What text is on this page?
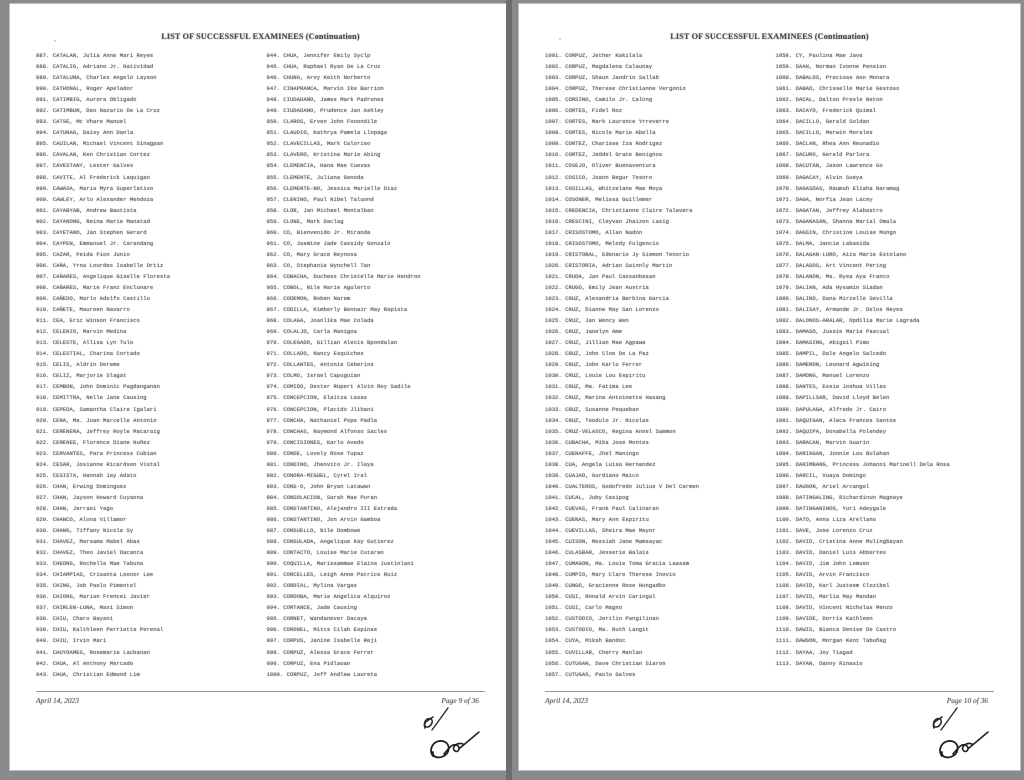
LIST OF SUCCESSFUL EXAMINEES (Continuation)
887. CATALAN, Julia Anne Mari Reyes
888. CATALIG, Adriano Jr. Natividad
889. CATALUNA, Charles Angelo Layson
890. CATHONAL, Roger Apelador
891. CATIMBIG, Aurora Obligado
892. CATIMBUN, Deo Nazario De La Cruz
893. CATSE, Mc Vhare Manuel
894. CATUNAG, Daisy Ann Danla
895. CAUILAN, Michael Vincent Sinagpan
896. CAVALAN, Ken Christian Cortez
897. CAVESTANY, Lester Galves
898. CAVITE, Al Frederick Laquigan
899. CAWASA, Maria Myra Superlativo
900. CAWLEY, Arlo Alexander Mendoza
901. CAYABYAB, Andrew Bautista
902. CAYANONG, Reina Marie Manatad
903. CAYETANO, Jan Stephen Gerard
904. CAYPEN, Emmanuel Jr. Carandang
905. CAZAR, Feida Fion Junio
906. CAÑA, Yrna Lourdes Isabelle Ortiz
907. CAÑARES, Angelique Giselle Floresta
908. CAÑARES, Marie Franz Enclunare
909. CAÑEDO, Marlo Adolfo Castillo
910. CAÑETE, Maureen Navarro
911. CEA, Eric Winson Francisco
912. CELENIO, Marvin Medina
913. CELESTE, Allisa Lyn Tulo
914. CELESTIAL, Charina Cortado
915. CELIS, Aldrin Dereme
916. CELIZ, Marjorie Slagat
917. CEMBON, John Dominic Pagdanganan
918. CEMITTRA, Nelle Jane Causing
919. CEPEDA, Samantha Claire Igalari
920. CERA, Ma. Juan Marcelle Antonio
921. CERENERA, Jeffrey Royle Macaraig
922. CERENEE, Florence Diane Nuñez
923. CERVANTES, Para Princess Cubian
924. CESAR, Josianne Ricardson Vistal
925. CESISTA, Hannah Jay Adato
926. CHAN, Erwing Dominguez
927. CHAN, Jayson Howard Cuyaona
928. CHAN, Jerraei Yago
929. CHANCO, Alona Villamor
930. CHANG, Tiffany Nicole Sy
931. CHAVEZ, Marsama Mabel Abas
932. CHAVEZ, Theo Javiel Dacanta
933. CHEONG, Rochelle Mae Tabuna
934. CHIAMPIAS, Crisanta Leonor Lee
935. CHING, Job Paolo Pimentel
936. CHIONG, Marian Frencei Javier
937. CHIRLEN-LUNA, Maxi Simon
938. CHIU, Charo Bayani
939. CHIU, Kalthleen Perrietta Perenal
940. CHIU, Irvin Mari
941. CHUYOAMES, Rosemarie Lacbanan
942. CHUA, Al Anthony Mercado
943. CHUA, Christian Edmund Lim
944. CHUA, Jennifer Emily Syclp
945. CHUA, Raphael Ryan De La Cruz
946. CHUNG, Arvy Keith Norberto
947. CINAPRANCA, Marvin Ike Barrion
948. CIUDADANO, James Mark Padrones
949. CIUDADANO, Prudence Jan Ashley
950. CLAROS, Erven John Fonondile
951. CLAUDIO, Kathrya Pamela Llopaga
952. CLAVECILLAS, Mark Caloriso
953. CLAVERO, Kristina Marie Abing
954. CLEMENCIA, Hana Mae Cuevas
955. CLEMENTE, Juliana Gonoda
956. CLEMENTE-NO, Jessica Marielle Diaz
957. CLENINO, Paul Nibel Taluond
958. CLOR, Jan Michael Montalban
959. CLONE, Mark Daclag
960. CO, Bienvenido Jr. Miranda
961. CO, Jasmine Jade Cassidy Gonzalo
962. CO, Mary Grace Reynosa
963. CO, Stephanie Wynchell Tan
964. COBACHA, Duchess Christelle Marie Hendron
965. COBOL, Nile Marie Agulerto
966. CODEMON, Roben Narem
967. CODILLA, Kimberly Bennair May Rapista
968. COLAGA, Joanlika Mae Colada
969. COLALJO, Carla Manigoa
970. COLEGADO, Gillian Alexis Bpondalan
971. COLLADO, Nancy Esquiches
972. COLLANTES, Antonie Ceberios
973. COLMO, Israel Capuguian
974. COMIDO, Dexter Rupert Alvin Roy Sadile
975. CONCEPCION, Elaitza Lasas
976. CONCEPCION, Placido Jlihani
977. CONCHA, Nathaniel Pope Padla
978. CONCHAS, Raymond Alfonso Sacles
979. CONCISIONES, Karlo Avedo
980. CONDE, Lovely Rose Tupaz
981. CONDINO, Jheovito Jr. Ilaya
982. CONORA-MIGUEL, Cyrel Iral
983. CONS-O, John Bryan Latawan
984. CONSOLACION, Sarah Mae Puran
985. CONSTANTINO, Alejandro III Estrada
986. CONSTANTINO, Jon Arvin Gamboa
987. CONSUELLO, Nile Dombowe
988. CONSULADA, Angelique Kay Gutierez
989. CONTACTO, Louise Marie Cutaran
990. COQUILLA, Marissammae Elaina Justinlani
991. CORCELLES, Leigh Anne Patrice Ruiz
992. CORDIAL, Mylina Vargas
993. CORDOBA, Marie Angelica Alquiroz
994. CORTANCE, Jade Causing
995. CORNET, Wandanever Dacaya
996. CORONEL, Mitcs Cilah Espinas
997. CORPUS, Janine Isabelle Reji
998. CORPUZ, Alessa Grace Ferrer
999. CORPUZ, Ena Pidlaoan
1000. CORPUZ, Jeff Andlew Laureta
April 14, 2023	Page 9 of 36
LIST OF SUCCESSFUL EXAMINEES (Continuation)
1001. CORPUZ, Jether Kakilala
1002. CORPUZ, Magdalena Calaunay
1003. CORPUZ, Shaun Jandrin Sallab
1004. CORPUZ, Therese Christianne Vergonio
1005. CORSINO, Camilo Jr. Calong
1006. CORTES, Fidel Roz
1007. CORTES, Mark Laurence Yrreverre
1008. CORTES, Nicole Marie Abella
1009. CORTEZ, Charisse Iza Rodrigez
1010. CORTEZ, Jeddel Grace Benignos
1011. COSEJO, Oliver Buenaventura
1012. COSICO, Joann Begur Tesoro
1013. COSILLAS, Whitzelane Mae Moya
1014. COSONER, Melissa Guillemer
1015. CREDENCIA, Christianne Claire Talavera
1016. CRESCINI, Cleyvan Jhaizen Lasig
1017. CRISOSTOMO, Allan Nadon
1018. CRISOSTOMO, Melody Fulgencio
1019. CRISTOBAL, Edenario Jy Siemon Tenorio
1020. CRISTORIA, Adrian Sainnly Martin
1021. CRUDA, Jan Paul Cassanbasan
1022. CRUGO, Emily Jean Austria
1023. CRUZ, Alexandria Berbina Garcia
1024. CRUZ, Dianne May San Lorenzo
1025. CRUZ, Jan Wency Wen
1026. CRUZ, Janelyn Ame
1027. CRUZ, Jillian Mae Agpawa
1028. CRUZ, John Cloe De La Paz
1029. CRUZ, John Karlo Ferrer
1030. CRUZ, Louie Lou Espiritu
1031. CRUZ, Ma. Fatima Lee
1032. CRUZ, Marina Antoinette Hasang
1033. CRUZ, Susanne Pequeban
1034. CRUZ, Teodulo Jr. Nicolas
1035. CRUZ-VELASCO, Regina Annel Sammon
1036. CUBACHA, Mika Jose Montes
1037. CUENAFFE, Jhel Maningo
1038. CUA, Angela Luisa Hernandez
1039. CUAJAO, Gurdiano Maico
1040. CUALTEROS, Godofredo Julius V Del Carmen
1041. CUCAL, Juby Casipog
1042. CUEVAS, Frank Paul Calinaran
1043. CUENAS, Mary Ann Espiritu
1044. CUEVILLAS, Sheira Mae Mayor
1045. CUISON, Messiah Jane Mamsayac
1046. CULASBAR, Jesserie Balais
1047. CUMAGON, Ma. Louie Toma Gracia Laasam
1048. CUMPIO, Mary Clare Therese Inovio
1049. CUNGO, Gracienne Rose Hungadbo
1050. CUSI, Ronald Arvin Caringal
1051. CUSI, Carlo Magno
1052. CUSTODIO, Jerilin Pangilinan
1053. CUSTODIO, Ma. Ruth Langit
1054. CUYA, Mikah Bandoc
1055. CUVILLAR, Cherry Manlan
1056. CUTUGAN, Dave Christian Siaron
1057. CUTUGAS, Paolo Galves
1058. CY, Paulina Mae Java
1059. DAAN, Norman Ivonne Pension
1060. DABALOS, Precioas Ann Monara
1061. DABAO, Chrisselle Marie Gestoso
1062. DACAL, Dalton Presle Beton
1063. DACAYO, Frederick Quimal
1064. DACILLO, Gerald Soldan
1065. DACILLO, Merwin Morales
1066. DACLAN, Rhea Ann Reunadio
1067. DACURO, Gerald Parlora
1068. DACUTAN, Jason Lawrence Go
1069. DAGACAY, Alvin Sueya
1070. DAGASDAS, Raumuh Eliaha Naramag
1071. DAGA, Norfia Jean Lacey
1072. DAGATAN, Jeffrey Alabastro
1073. DAGANASAN, Shanna Marial Omala
1074. DAGSIN, Christine Louise Mungo
1075. DALMA, Jancie Labasida
1076. DALAGAN-LURO, Aiza Marie Estolano
1077. DALAGOS, Art Vincent Pering
1078. DALANON, Ma. Rysa Aya Franco
1079. DALIAN, Ada Hysamin Siadan
1080. DALINO, Dana Mirzelle Sevilla
1081. DALISAY, Armande Jr. Delos Reyes
1082. DALONOS-ARALAR, Opdilia Marie Lagrada
1083. DAMASO, Jussie Maria Pascual
1084. DAMASING, Abigail Pimo
1085. DAMPIL, Dale Angelo Salcedo
1086. DAMERON, Leonard Agwiking
1087. DAMONG, Manuel Lorenzo
1088. DANTES, Essie Joshua Villas
1089. DAPILLSAR, David Lloyd Belen
1090. DAPULAGA, Alfredo Jr. Cairo
1091. DAQUIGAN, Aleca Frances Santos
1092. DAQUIPA, Donabella Polendey
1093. DARACAN, Marvin Guarin
1094. DARIAGAN, Jonnie Lou Bulahan
1095. DARIMBANG, Princess Johanni Marinell Dela Rosa
1096. DARCIL, Vuaya Domingo
1097. DAUGON, Ariel Arcangel
1098. DATINGALING, Richardinun Magnaye
1099. DATINGANINOG, Yuri Adeygale
1100. DATO, Anna Liza Arellano
1101. DAVE, Jose Lorenzo Cruz
1102. DAVID, Cristina Anne Mulingbayan
1103. DAVID, Daniel Luis Abbertes
1104. DAVID, Jim John Lemuen
1105. DAVID, Arvin Francisco
1106. DAVID, Karl Justeem Clozibel
1107. DAVID, Marlia May Mandan
1108. DAVID, Vincent Nicholas Menzo
1109. DAVIDE, Dorris Kathleen
1110. DAWIS, Bianca Denise De Castro
1111. DAWSON, Morgan Kent Tabuñag
1112. DAYAA, Joy Tiagad
1113. DAYAN, Danny Rinasio
April 14, 2023	Page 10 of 36
